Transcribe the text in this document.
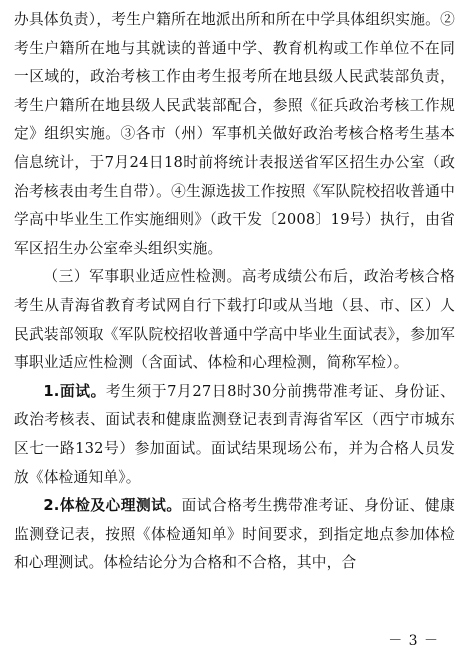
办具体负责），考生户籍所在地派出所和所在中学具体组织实施。②考生户籍所在地与其就读的普通中学、教育机构或工作单位不在同一区域的，政治考核工作由考生报考所在地县级人民武装部负责，考生户籍所在地县级人民武装部配合，参照《征兵政治考核工作规定》组织实施。③各市（州）军事机关做好政治考核合格考生基本信息统计，于7月24日18时前将统计表报送省军区招生办公室（政治考核表由考生自带）。④生源选拔工作按照《军队院校招收普通中学高中毕业生工作实施细则》（政干发〔2008〕19号）执行，由省军区招生办公室牵头组织实施。

（三）军事职业适应性检测。高考成绩公布后，政治考核合格考生从青海省教育考试网自行下载打印或从当地（县、市、区）人民武装部领取《军队院校招收普通中学高中毕业生面试表》，参加军事职业适应性检测（含面试、体检和心理检测，简称军检）。

1.面试。考生须于7月27日8时30分前携带准考证、身份证、政治考核表、面试表和健康监测登记表到青海省军区（西宁市城东区七一路132号）参加面试。面试结果现场公布，并为合格人员发放《体检通知单》。

2.体检及心理测试。面试合格考生携带准考证、身份证、健康监测登记表，按照《体检通知单》时间要求，到指定地点参加体检和心理测试。体检结论分为合格和不合格，其中，合

－ 3 －
